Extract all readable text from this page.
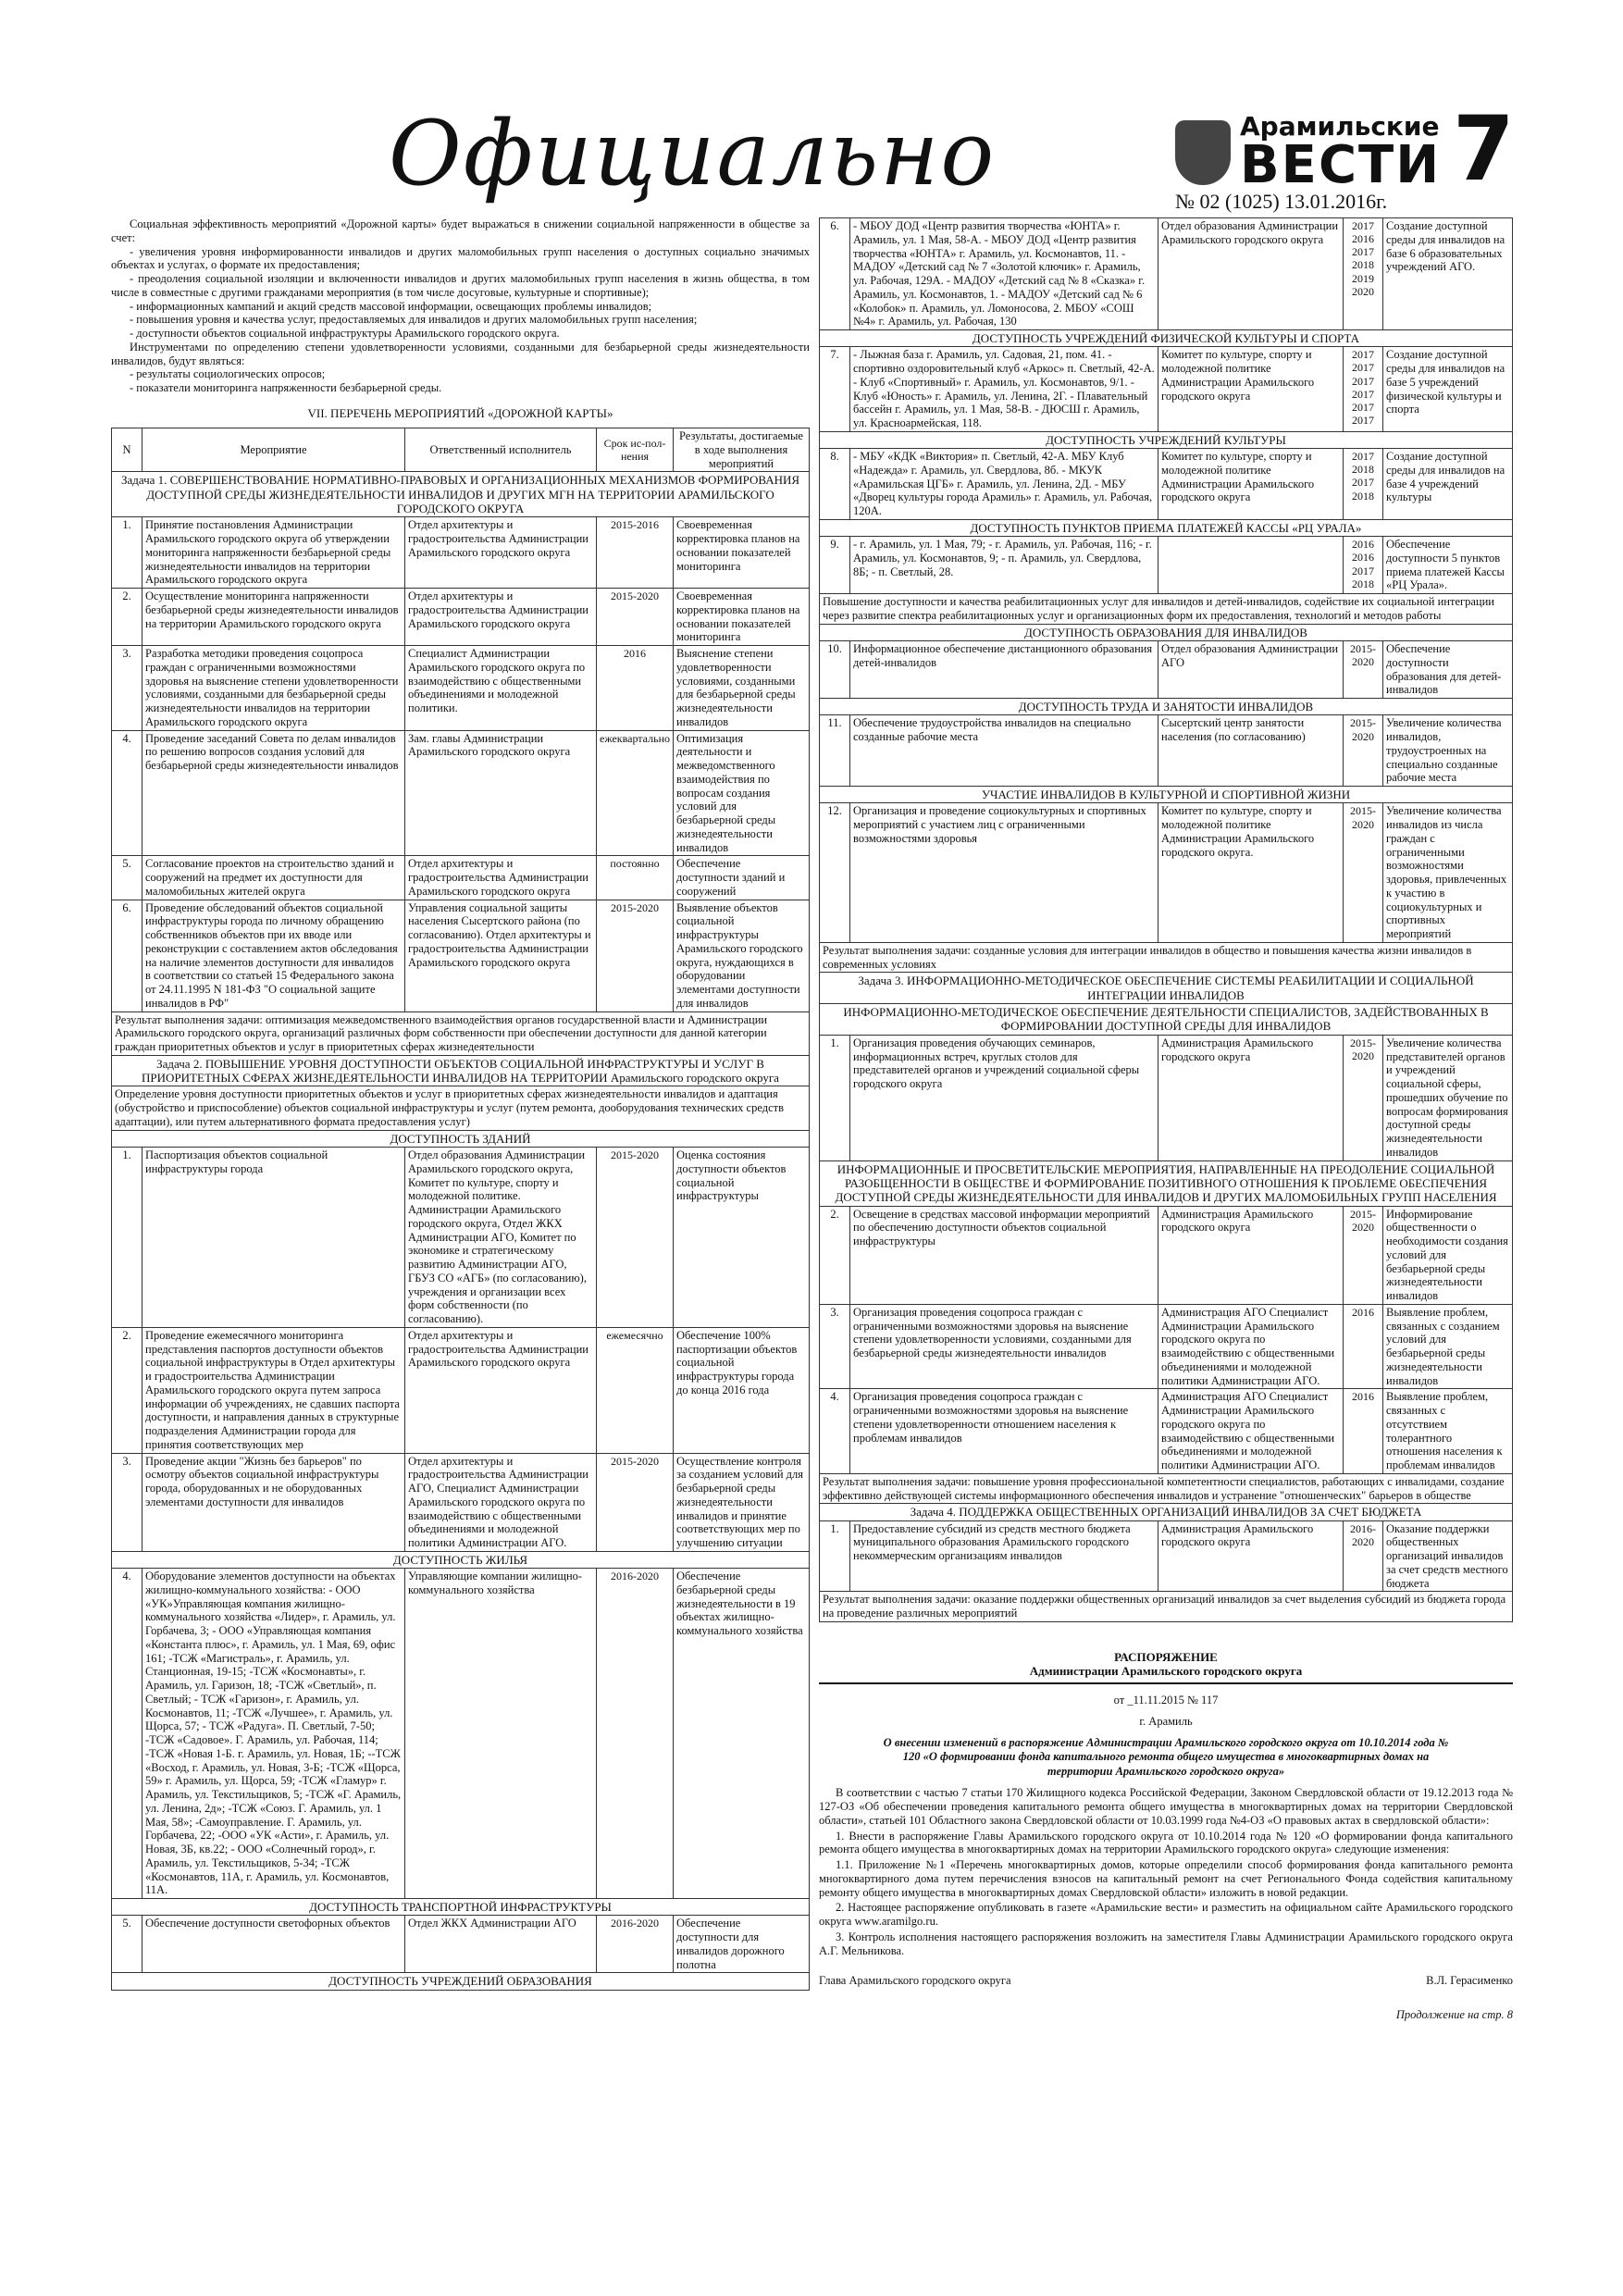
Официально	Арамильские
ВЕСТИ 7
№ 02 (1025) 13.01.2016г.

Социальная эффективность мероприятий «Дорожной карты» будет выражаться в снижении социальной напряженности в обществе за счет:

- увеличения уровня информированности инвалидов и других маломобильных групп населения о доступных социально значимых объектах и услугах, о формате их предоставления;

- преодоления социальной изоляции и включенности инвалидов и других маломобильных групп населения в жизнь общества, в том числе в совместные с другими гражданами мероприятия (в том числе досуговые, культурные и спортивные);

- информационных кампаний и акций средств массовой информации, освещающих проблемы инвалидов;

- повышения уровня и качества услуг, предоставляемых для инвалидов и других маломобильных групп населения;

- доступности объектов социальной инфраструктуры Арамильского городского округа.

Инструментами по определению степени удовлетворенности условиями, созданными для безбарьерной среды жизнедеятельности инвалидов, будут являться:

- результаты социологических опросов;

- показатели мониторинга напряженности безбарьерной среды.

VII. ПЕРЕЧЕНЬ МЕРОПРИЯТИЙ «ДОРОЖНОЙ КАРТЫ»
N	Мероприятие	Ответственный исполнитель	Срок ис-пол-нения	Результаты, достигаемые в ходе выполнения мероприятий
Задача 1. СОВЕРШЕНСТВОВАНИЕ НОРМАТИВНО-ПРАВОВЫХ И ОРГАНИЗАЦИОННЫХ МЕХАНИЗМОВ ФОРМИРОВАНИЯ ДОСТУПНОЙ СРЕДЫ ЖИЗНЕДЕЯТЕЛЬНОСТИ ИНВАЛИДОВ И ДРУГИХ МГН НА ТЕРРИТОРИИ АРАМИЛЬСКОГО ГОРОДСКОГО ОКРУГА				
1.	Принятие постановления Администрации Арамильского городского округа об утверждении мониторинга напряженности безбарьерной среды жизнедеятельности инвалидов на территории Арамильского городского округа	Отдел архитектуры и градостроительства Администрации Арамильского городского округа	2015-2016	Своевременная корректировка планов на основании показателей мониторинга
2.	Осуществление мониторинга напряженности безбарьерной среды жизнедеятельности инвалидов на территории Арамильского городского округа	Отдел архитектуры и градостроительства Администрации Арамильского городского округа	2015-2020	Своевременная корректировка планов на основании показателей мониторинга
3.	Разработка методики проведения соцопроса граждан с ограниченными возможностями здоровья на выяснение степени удовлетворенности условиями, созданными для безбарьерной среды жизнедеятельности инвалидов на территории Арамильского городского округа	Специалист Администрации Арамильского городского округа по взаимодействию с общественными объединениями и молодежной политики.	2016	Выяснение степени удовлетворенности условиями, созданными для безбарьерной среды жизнедеятельности инвалидов
4.	Проведение заседаний Совета по делам инвалидов по решению вопросов создания условий для безбарьерной среды жизнедеятельности инвалидов	Зам. главы Администрации Арамильского городского округа	ежеквартально	Оптимизация деятельности и межведомственного взаимодействия по вопросам создания условий для безбарьерной среды жизнедеятельности инвалидов
5.	Согласование проектов на строительство зданий и сооружений на предмет их доступности для маломобильных жителей округа	Отдел архитектуры и градостроительства Администрации Арамильского городского округа	постоянно	Обеспечение доступности зданий и сооружений
6.	Проведение обследований объектов социальной инфраструктуры города по личному обращению собственников объектов при их вводе или реконструкции с составлением актов обследования на наличие элементов доступности для инвалидов в соответствии со статьей 15 Федерального закона от 24.11.1995 N 181-ФЗ "О социальной защите инвалидов в РФ"	Управления социальной защиты населения Сысертского района (по согласованию). Отдел архитектуры и градостроительства Администрации Арамильского городского округа	2015-2020	Выявление объектов социальной инфраструктуры Арамильского городского округа, нуждающихся в оборудовании элементами доступности для инвалидов
Результат выполнения задачи: оптимизация межведомственного взаимодействия органов государственной власти и Администрации Арамильского городского округа, организаций различных форм собственности при обеспечении доступности для данной категории граждан приоритетных объектов и услуг в приоритетных сферах жизнедеятельности				
Задача 2. ПОВЫШЕНИЕ УРОВНЯ ДОСТУПНОСТИ ОБЪЕКТОВ СОЦИАЛЬНОЙ ИНФРАСТРУКТУРЫ И УСЛУГ В ПРИОРИТЕТНЫХ СФЕРАХ ЖИЗНЕДЕЯТЕЛЬНОСТИ ИНВАЛИДОВ НА ТЕРРИТОРИИ Арамильского городского округа				
Определение уровня доступности приоритетных объектов и услуг в приоритетных сферах жизнедеятельности инвалидов и адаптация (обустройство и приспособление) объектов социальной инфраструктуры и услуг (путем ремонта, дооборудования технических средств адаптации), или путем альтернативного формата предоставления услуг)				
ДОСТУПНОСТЬ ЗДАНИЙ				
1.	Паспортизация объектов социальной инфраструктуры города	Отдел образования Администрации Арамильского городского округа, Комитет по культуре, спорту и молодежной политике. Администрации Арамильского городского округа, Отдел ЖКХ Администрации АГО, Комитет по экономике и стратегическому развитию Администрации АГО, ГБУЗ СО «АГБ» (по согласованию), учреждения и организации всех форм собственности (по согласованию).	2015-2020	Оценка состояния доступности объектов социальной инфраструктуры
2.	Проведение ежемесячного мониторинга представления паспортов доступности объектов социальной инфраструктуры в Отдел архитектуры и градостроительства Администрации Арамильского городского округа путем запроса информации об учреждениях, не сдавших паспорта доступности, и направления данных в структурные подразделения Администрации города для принятия соответствующих мер	Отдел архитектуры и градостроительства Администрации Арамильского городского округа	ежемесячно	Обеспечение 100% паспортизации объектов социальной инфраструктуры города до конца 2016 года
3.	Проведение акции "Жизнь без барьеров" по осмотру объектов социальной инфраструктуры города, оборудованных и не оборудованных элементами доступности для инвалидов	Отдел архитектуры и градостроительства Администрации АГО, Специалист Администрации Арамильского городского округа по взаимодействию с общественными объединениями и молодежной политики Администрации АГО.	2015-2020	Осуществление контроля за созданием условий для безбарьерной среды жизнедеятельности инвалидов и принятие соответствующих мер по улучшению ситуации
ДОСТУПНОСТЬ ЖИЛЬЯ				
4.	Оборудование элементов доступности на объектах жилищно-коммунального хозяйства: - ООО «УК»Управляющая компания жилищно-коммунального хозяйства «Лидер», г. Арамиль, ул. Горбачева, 3; - ООО «Управляющая компания «Константа плюс», г. Арамиль, ул. 1 Мая, 69, офис 161; -ТСЖ «Магистраль», г. Арамиль, ул. Станционная, 19-15; -ТСЖ «Космонавты», г. Арамиль, ул. Гаризон, 18; -ТСЖ «Светлый», п. Светлый; - ТСЖ «Гаризон», г. Арамиль, ул. Космонавтов, 11; -ТСЖ «Лучшее», г. Арамиль, ул. Щорса, 57; - ТСЖ «Радуга». П. Светлый, 7-50; -ТСЖ «Садовое». Г. Арамиль, ул. Рабочая, 114; -ТСЖ «Новая 1-Б. г. Арамиль, ул. Новая, 1Б; --ТСЖ «Восход, г. Арамиль, ул. Новая, 3-Б; -ТСЖ «Щорса, 59» г. Арамиль, ул. Щорса, 59; -ТСЖ «Гламур» г. Арамиль, ул. Текстильщиков, 5; -ТСЖ «Г. Арамиль, ул. Ленина, 2д»; -ТСЖ «Союз. Г. Арамиль, ул. 1 Мая, 58»; -Самоуправление. Г. Арамиль, ул. Горбачева, 22; -ООО «УК «Асти», г. Арамиль, ул. Новая, 3Б, кв.22; - ООО «Солнечный город», г. Арамиль, ул. Текстильщиков, 5-34; -ТСЖ «Космонавтов, 11А, г. Арамиль, ул. Космонавтов, 11А.	Управляющие компании жилищно-коммунального хозяйства	2016-2020	Обеспечение безбарьерной среды жизнедеятельности в 19 объектах жилищно-коммунального хозяйства
ДОСТУПНОСТЬ ТРАНСПОРТНОЙ ИНФРАСТРУКТУРЫ				
5.	Обеспечение доступности светофорных объектов	Отдел ЖКХ Администрации АГО	2016-2020	Обеспечение доступности для инвалидов дорожного полотна
ДОСТУПНОСТЬ УЧРЕЖДЕНИЙ ОБРАЗОВАНИЯ				
6.	- МБОУ ДОД «Центр развития творчества «ЮНТА» г. Арамиль, ул. 1 Мая, 58-А. - МБОУ ДОД «Центр развития творчества «ЮНТА» г. Арамиль, ул. Космонавтов, 11. - МАДОУ «Детский сад № 7 «Золотой ключик» г. Арамиль, ул. Рабочая, 129А. - МАДОУ «Детский сад № 8 «Сказка» г. Арамиль, ул. Космонавтов, 1. - МАДОУ «Детский сад № 6 «Колобок» п. Арамиль, ул. Ломоносова, 2. МБОУ «СОШ №4» г. Арамиль, ул. Рабочая, 130	Отдел образования Администрации Арамильского городского округа	2017 2016 2017 2018 2019 2020	Создание доступной среды для инвалидов на базе 6 образовательных учреждений АГО.
ДОСТУПНОСТЬ УЧРЕЖДЕНИЙ ФИЗИЧЕСКОЙ КУЛЬТУРЫ И СПОРТА				
7.	- Лыжная база г. Арамиль, ул. Садовая, 21, пом. 41. - спортивно оздоровительный клуб «Аркос» п. Светлый, 42-А. - Клуб «Спортивный» г. Арамиль, ул. Космонавтов, 9/1. - Клуб «Юность» г. Арамиль, ул. Ленина, 2Г. - Плавательный бассейн г. Арамиль, ул. 1 Мая, 58-В. - ДЮСШ г. Арамиль, ул. Красноармейская, 118.	Комитет по культуре, спорту и молодежной политике Администрации Арамильского городского округа	2017 2017 2017 2017 2017 2017	Создание доступной среды для инвалидов на базе 5 учреждений физической культуры и спорта
ДОСТУПНОСТЬ УЧРЕЖДЕНИЙ КУЛЬТУРЫ				
8.	- МБУ «КДК «Виктория» п. Светлый, 42-А. МБУ Клуб «Надежда» г. Арамиль, ул. Свердлова, 8б. - МКУК «Арамильская ЦГБ» г. Арамиль, ул. Ленина, 2Д. - МБУ «Дворец культуры города Арамиль» г. Арамиль, ул. Рабочая, 120А.	Комитет по культуре, спорту и молодежной политике Администрации Арамильского городского округа	2017 2018 2017 2018	Создание доступной среды для инвалидов на базе 4 учреждений культуры
ДОСТУПНОСТЬ ПУНКТОВ ПРИЕМА ПЛАТЕЖЕЙ КАССЫ «РЦ УРАЛА»				
9.	- г. Арамиль, ул. 1 Мая, 79; - г. Арамиль, ул. Рабочая, 116; - г. Арамиль, ул. Космонавтов, 9; - п. Арамиль, ул. Свердлова, 8Б; - п. Светлый, 28.		2016 2016 2017 2018	Обеспечение доступности 5 пунктов приема платежей Кассы «РЦ Урала».
Повышение доступности и качества реабилитационных услуг для инвалидов и детей-инвалидов, содействие их социальной интеграции через развитие спектра реабилитационных услуг и организационных форм их предоставления, технологий и методов работы				
ДОСТУПНОСТЬ ОБРАЗОВАНИЯ ДЛЯ ИНВАЛИДОВ				
10.	Информационное обеспечение дистанционного образования детей-инвалидов	Отдел образования Администрации АГО	2015-2020	Обеспечение доступности образования для детей-инвалидов
ДОСТУПНОСТЬ ТРУДА И ЗАНЯТОСТИ ИНВАЛИДОВ				
11.	Обеспечение трудоустройства инвалидов на специально созданные рабочие места	Сысертский центр занятости населения (по согласованию)	2015-2020	Увеличение количества инвалидов, трудоустроенных на специально созданные рабочие места
УЧАСТИЕ ИНВАЛИДОВ В КУЛЬТУРНОЙ И СПОРТИВНОЙ ЖИЗНИ				
12.	Организация и проведение социокультурных и спортивных мероприятий с участием лиц с ограниченными возможностями здоровья	Комитет по культуре, спорту и молодежной политике Администрации Арамильского городского округа.	2015-2020	Увеличение количества инвалидов из числа граждан с ограниченными возможностями здоровья, привлеченных к участию в социокультурных и спортивных мероприятий
Результат выполнения задачи: созданные условия для интеграции инвалидов в общество и повышения качества жизни инвалидов в современных условиях				
Задача 3. ИНФОРМАЦИОННО-МЕТОДИЧЕСКОЕ ОБЕСПЕЧЕНИЕ СИСТЕМЫ РЕАБИЛИТАЦИИ И СОЦИАЛЬНОЙ ИНТЕГРАЦИИ ИНВАЛИДОВ				
ИНФОРМАЦИОННО-МЕТОДИЧЕСКОЕ ОБЕСПЕЧЕНИЕ ДЕЯТЕЛЬНОСТИ СПЕЦИАЛИСТОВ, ЗАДЕЙСТВОВАННЫХ В ФОРМИРОВАНИИ ДОСТУПНОЙ СРЕДЫ ДЛЯ ИНВАЛИДОВ				
1.	Организация проведения обучающих семинаров, информационных встреч, круглых столов для представителей органов и учреждений социальной сферы городского округа	Администрация Арамильского городского округа	2015-2020	Увеличение количества представителей органов и учреждений социальной сферы, прошедших обучение по вопросам формирования доступной среды жизнедеятельности инвалидов
ИНФОРМАЦИОННЫЕ И ПРОСВЕТИТЕЛЬСКИЕ МЕРОПРИЯТИЯ, НАПРАВЛЕННЫЕ НА ПРЕОДОЛЕНИЕ СОЦИАЛЬНОЙ РАЗОБЩЕННОСТИ В ОБЩЕСТВЕ И ФОРМИРОВАНИЕ ПОЗИТИВНОГО ОТНОШЕНИЯ К ПРОБЛЕМЕ ОБЕСПЕЧЕНИЯ ДОСТУПНОЙ СРЕДЫ ЖИЗНЕДЕЯТЕЛЬНОСТИ ДЛЯ ИНВАЛИДОВ И ДРУГИХ МАЛОМОБИЛЬНЫХ ГРУПП НАСЕЛЕНИЯ				
2.	Освещение в средствах массовой информации мероприятий по обеспечению доступности объектов социальной инфраструктуры	Администрация Арамильского городского округа	2015-2020	Информирование общественности о необходимости создания условий для безбарьерной среды жизнедеятельности инвалидов
3.	Организация проведения соцопроса граждан с ограниченными возможностями здоровья на выяснение степени удовлетворенности условиями, созданными для безбарьерной среды жизнедеятельности инвалидов	Администрация АГО Специалист Администрации Арамильского городского округа по взаимодействию с общественными объединениями и молодежной политики Администрации АГО.	2016	Выявление проблем, связанных с созданием условий для безбарьерной среды жизнедеятельности инвалидов
4.	Организация проведения соцопроса граждан с ограниченными возможностями здоровья на выяснение степени удовлетворенности отношением населения к проблемам инвалидов	Администрация АГО Специалист Администрации Арамильского городского округа по взаимодействию с общественными объединениями и молодежной политики Администрации АГО.	2016	Выявление проблем, связанных с отсутствием толерантного отношения населения к проблемам инвалидов
Результат выполнения задачи: повышение уровня профессиональной компетентности специалистов, работающих с инвалидами, создание эффективно действующей системы информационного обеспечения инвалидов и устранение "отношенческих" барьеров в обществе				
Задача 4. ПОДДЕРЖКА ОБЩЕСТВЕННЫХ ОРГАНИЗАЦИЙ ИНВАЛИДОВ ЗА СЧЕТ БЮДЖЕТА				
1.	Предоставление субсидий из средств местного бюджета муниципального образования Арамильского городского некоммерческим организациям инвалидов	Администрация Арамильского городского округа	2016-2020	Оказание поддержки общественных организаций инвалидов за счет средств местного бюджета
Результат выполнения задачи: оказание поддержки общественных организаций инвалидов за счет выделения субсидий из бюджета города на проведение различных мероприятий				
РАСПОРЯЖЕНИЕ
Администрации Арамильского городского округа
от _11.11.2015 № 117
г. Арамиль
О внесении изменений в распоряжение Администрации Арамильского городского округа от 10.10.2014 года № 120 «О формировании фонда капитального ремонта общего имущества в многоквартирных домах на территории Арамильского городского округа»

В соответствии с частью 7 статьи 170 Жилищного кодекса Российской Федерации, Законом Свердловской области от 19.12.2013 года № 127-ОЗ «Об обеспечении проведения капитального ремонта общего имущества в многоквартирных домах на территории Свердловской области», статьей 101 Областного закона Свердловской области от 10.03.1999 года №4-ОЗ «О правовых актах в свердловской области»:

1. Внести в распоряжение Главы Арамильского городского округа от 10.10.2014 года № 120 «О формировании фонда капитального ремонта общего имущества в многоквартирных домах на территории Арамильского городского округа» следующие изменения:

1.1. Приложение №1 «Перечень многоквартирных домов, которые определили способ формирования фонда капитального ремонта многоквартирного дома путем перечисления взносов на капитальный ремонт на счет Регионального Фонда содействия капитальному ремонту общего имущества в многоквартирных домах Свердловской области» изложить в новой редакции.

2. Настоящее распоряжение опубликовать в газете «Арамильские вести» и разместить на официальном сайте Арамильского городского округа www.aramilgo.ru.

3. Контроль исполнения настоящего распоряжения возложить на заместителя Главы Администрации Арамильского городского округа А.Г. Мельникова.

Глава Арамильского городского округа	В.Л. Герасименко
Продолжение на стр. 8
